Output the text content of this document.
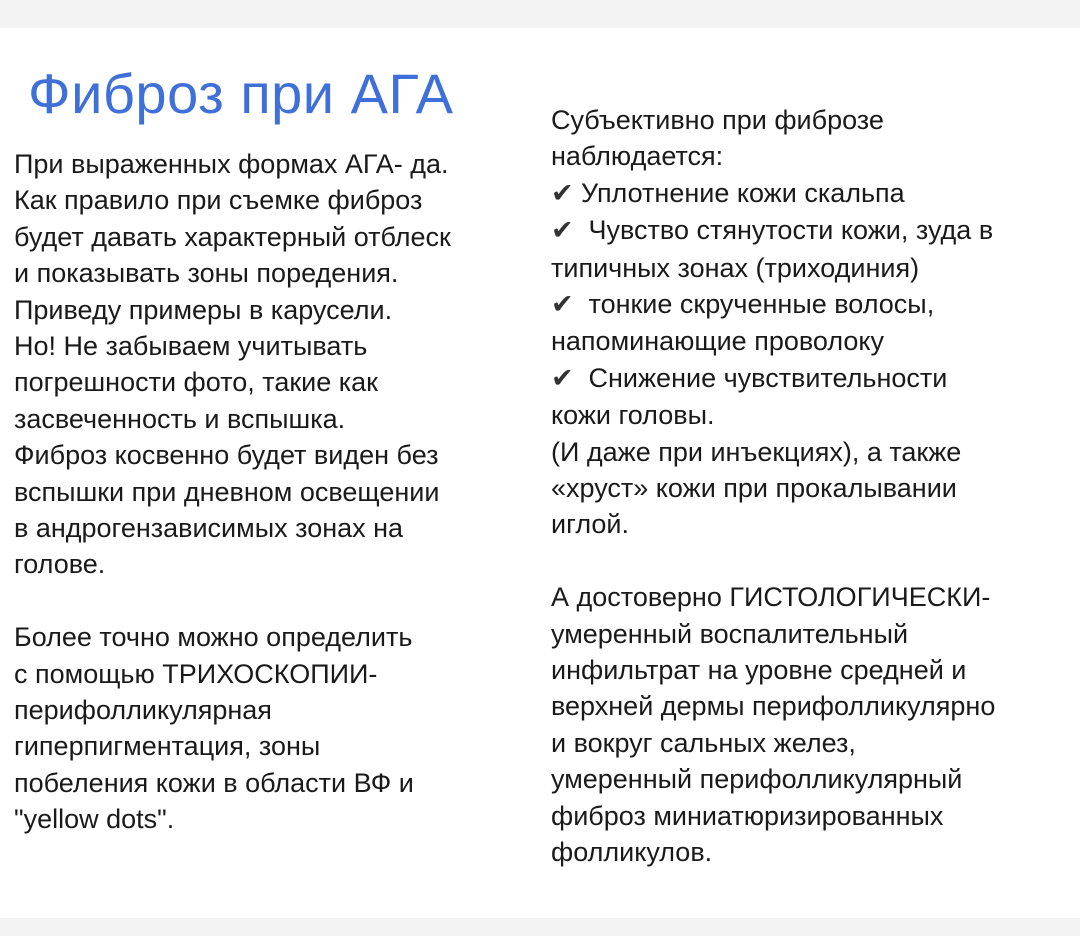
Фиброз при АГА
При выраженных формах АГА- да.
Как правило при съемке фиброз
будет давать характерный отблеск
и показывать зоны поредения.
Приведу примеры в карусели.
Но! Не забываем учитывать
погрешности фото, такие как
засвеченность и вспышка.
Фиброз косвенно будет виден без
вспышки при дневном освещении
в андрогензависимых зонах на
голове.
Более точно можно определить
с помощью ТРИХОСКОПИИ-
перифолликулярная
гиперпигментация, зоны
побеления кожи в области ВФ и
"yellow dots".
Субъективно при фиброзе
наблюдается:
✔ Уплотнение кожи скальпа
✔ Чувство стянутости кожи, зуда в
типичных зонах (триходиния)
✔ тонкие скрученные волосы,
напоминающие проволоку
✔ Снижение чувствительности
кожи головы.
(И даже при инъекциях), а также
«хруст» кожи при прокалывании
иглой.
А достоверно ГИСТОЛОГИЧЕСКИ-
умеренный воспалительный
инфильтрат на уровне средней и
верхней дермы перифолликулярно
и вокруг сальных желез,
умеренный перифолликулярный
фиброз миниатюризированных
фолликулов.
